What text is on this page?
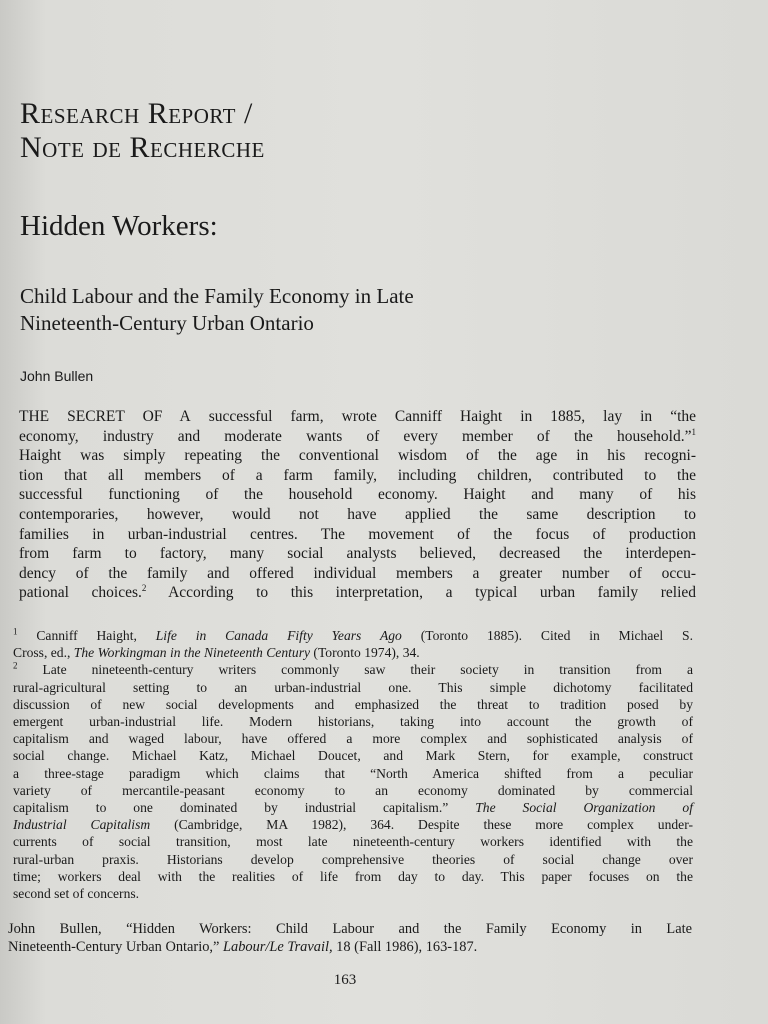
Research Report /
Note de Recherche
Hidden Workers:
Child Labour and the Family Economy in Late
Nineteenth-Century Urban Ontario
John Bullen
THE SECRET OF A successful farm, wrote Canniff Haight in 1885, lay in “the
economy, industry and moderate wants of every member of the household.”$^1$
Haight was simply repeating the conventional wisdom of the age in his recogni-
tion that all members of a farm family, including children, contributed to the
successful functioning of the household economy. Haight and many of his
contemporaries, however, would not have applied the same description to
families in urban-industrial centres. The movement of the focus of production
from farm to factory, many social analysts believed, decreased the interdepen-
dency of the family and offered individual members a greater number of occu-
pational choices.$^2$ According to this interpretation, a typical urban family relied
$^1$ Canniff Haight, Life in Canada Fifty Years Ago (Toronto 1885). Cited in Michael S.
Cross, ed., The Workingman in the Nineteenth Century (Toronto 1974), 34.
$^2$ Late nineteenth-century writers commonly saw their society in transition from a
rural-agricultural setting to an urban-industrial one. This simple dichotomy facilitated
discussion of new social developments and emphasized the threat to tradition posed by
emergent urban-industrial life. Modern historians, taking into account the growth of
capitalism and waged labour, have offered a more complex and sophisticated analysis of
social change. Michael Katz, Michael Doucet, and Mark Stern, for example, construct
a three-stage paradigm which claims that “North America shifted from a peculiar
variety of mercantile-peasant economy to an economy dominated by commercial
capitalism to one dominated by industrial capitalism.” The Social Organization of
Industrial Capitalism (Cambridge, MA 1982), 364. Despite these more complex under-
currents of social transition, most late nineteenth-century workers identified with the
rural-urban praxis. Historians develop comprehensive theories of social change over
time; workers deal with the realities of life from day to day. This paper focuses on the
second set of concerns.
John Bullen, “Hidden Workers: Child Labour and the Family Economy in Late
Nineteenth-Century Urban Ontario,” Labour/Le Travail, 18 (Fall 1986), 163-187.
163
